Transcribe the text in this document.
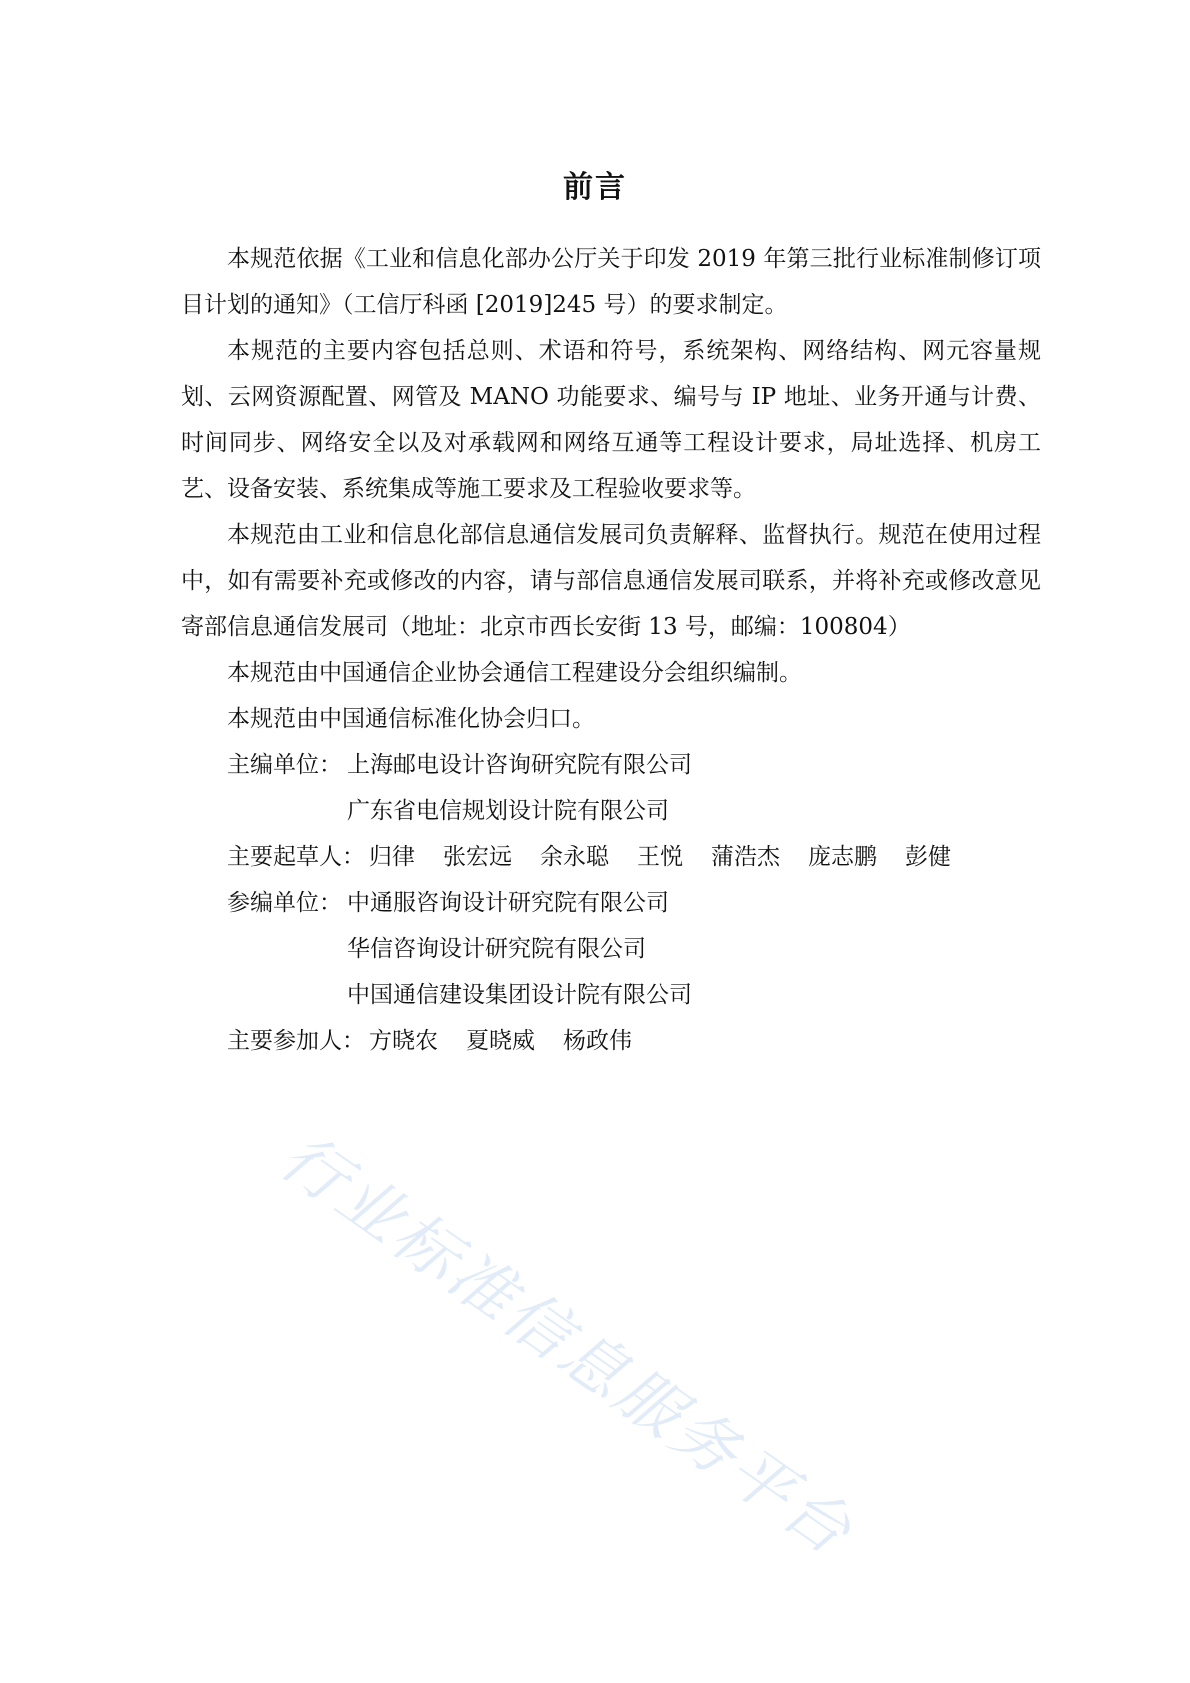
前言

本规范依据《工业和信息化部办公厅关于印发 2019 年第三批行业标准制修订项目计划的通知》（工信厅科函 [2019]245 号）的要求制定。

本规范的主要内容包括总则、术语和符号，系统架构、网络结构、网元容量规划、云网资源配置、网管及 MANO 功能要求、编号与 IP 地址、业务开通与计费、时间同步、网络安全以及对承载网和网络互通等工程设计要求，局址选择、机房工艺、设备安装、系统集成等施工要求及工程验收要求等。

本规范由工业和信息化部信息通信发展司负责解释、监督执行。规范在使用过程中，如有需要补充或修改的内容，请与部信息通信发展司联系，并将补充或修改意见寄部信息通信发展司（地址：北京市西长安街 13 号，邮编：100804）

本规范由中国通信企业协会通信工程建设分会组织编制。

本规范由中国通信标准化协会归口。

主编单位： 上海邮电设计咨询研究院有限公司
广东省电信规划设计院有限公司
主要起草人： 归律 张宏远 余永聪 王悦 蒲浩杰 庞志鹏 彭健
参编单位： 中通服咨询设计研究院有限公司
华信咨询设计研究院有限公司
中国通信建设集团设计院有限公司
主要参加人： 方晓农 夏晓威 杨政伟
行业标准信息服务平台
